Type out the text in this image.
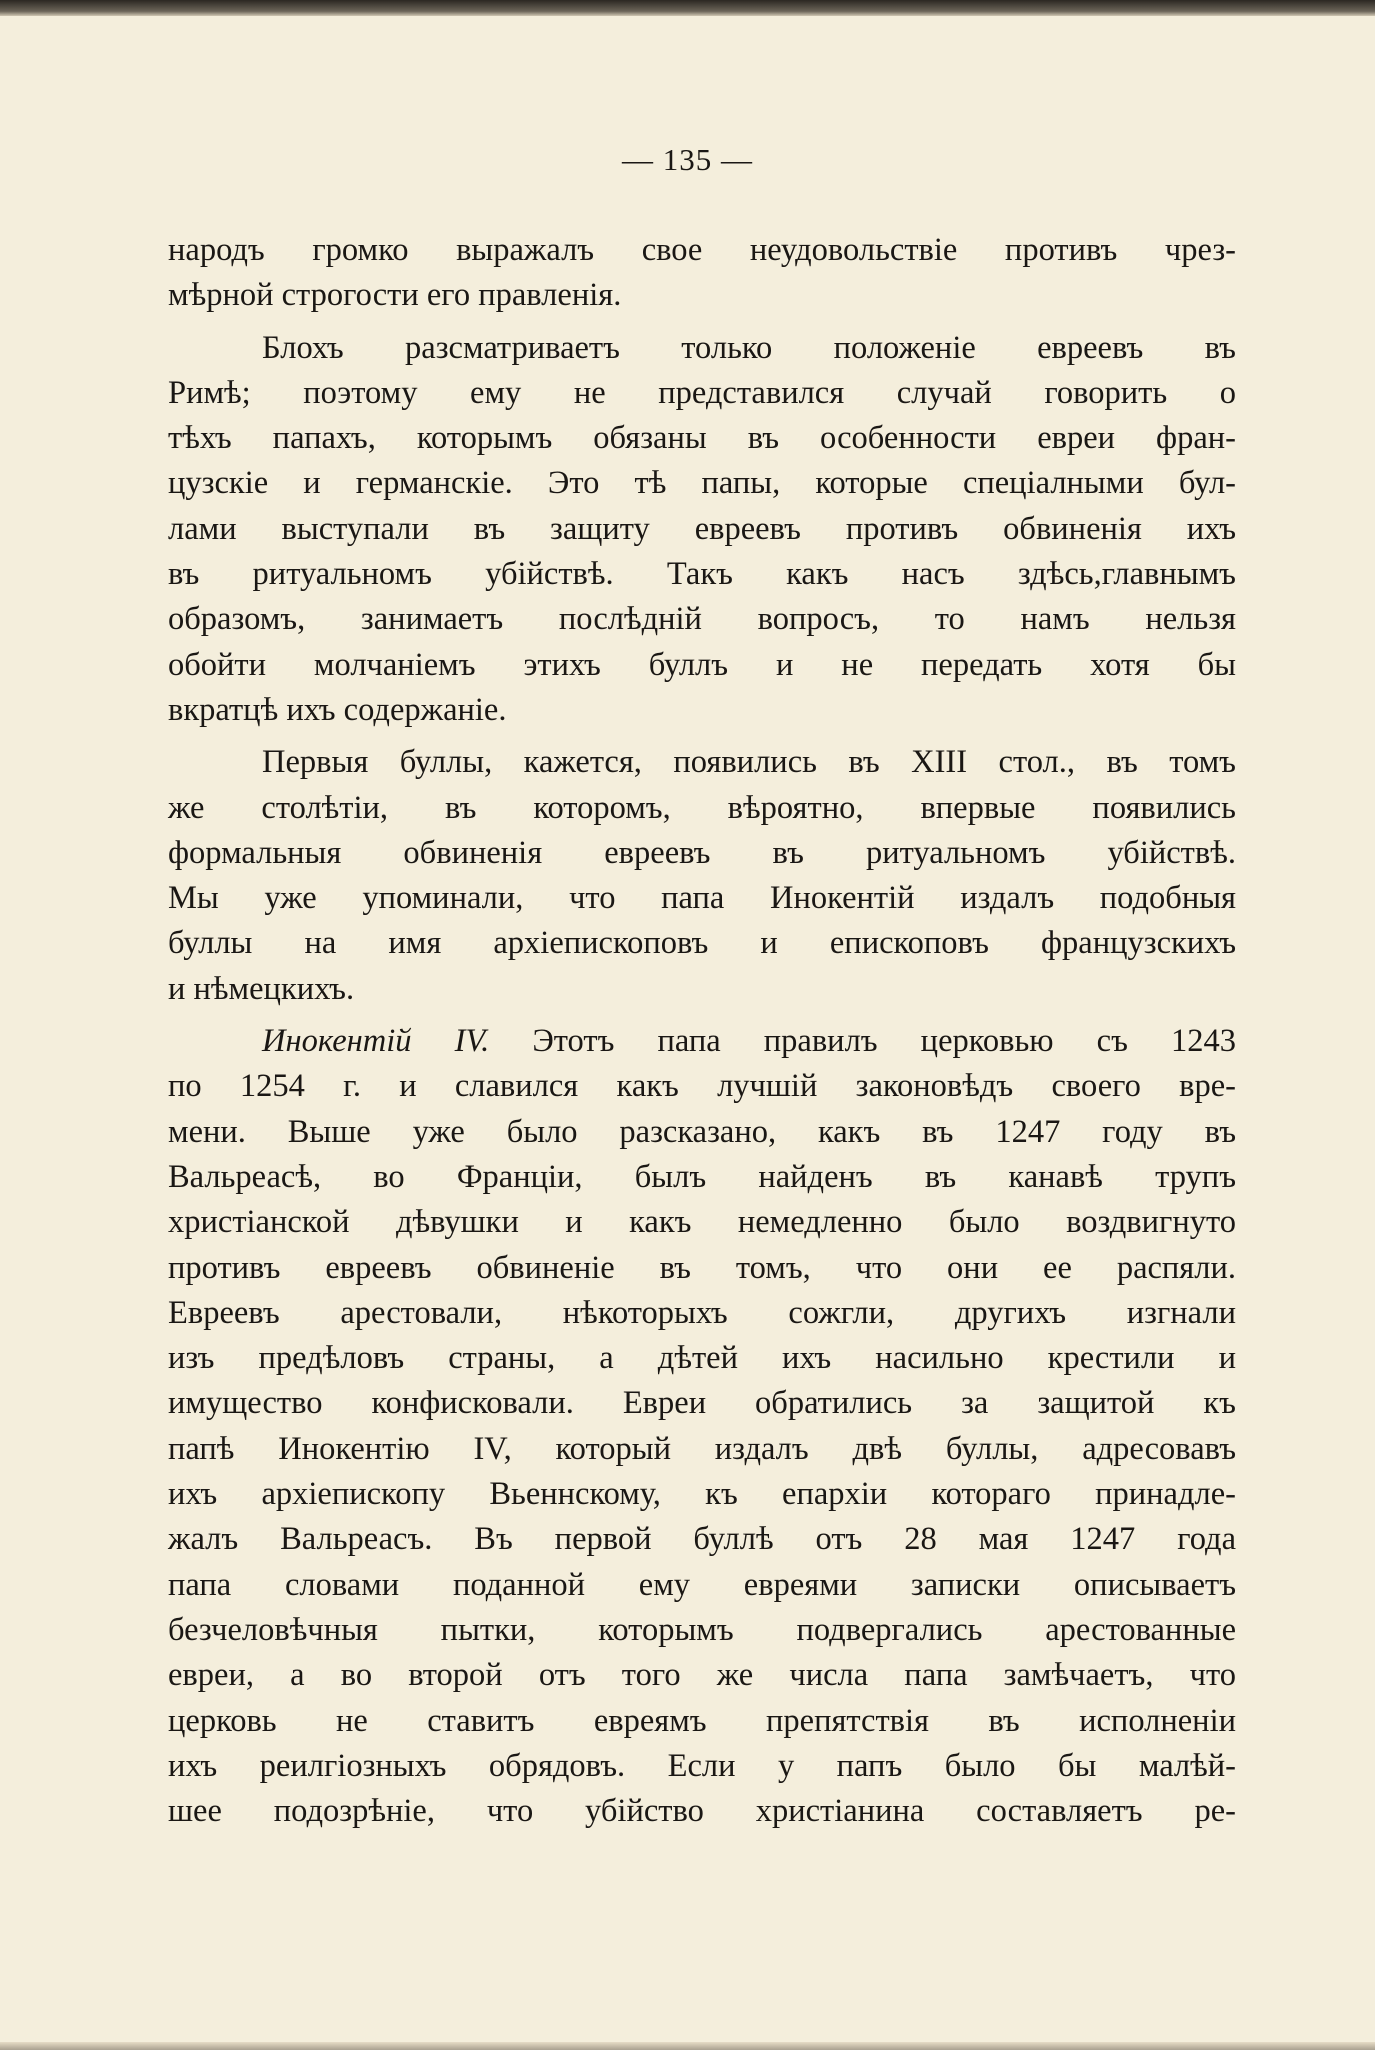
— 135 —
народъ громко выражалъ свое неудовольствіе противъ чрез-
мѣрной строгости его правленія.
Блохъ разсматриваетъ только положеніе евреевъ въ
Римѣ; поэтому ему не представился случай говорить о
тѣхъ папахъ, которымъ обязаны въ особенности евреи фран-
цузскіе и германскіе. Это тѣ папы, которые спеціалными бул-
лами выступали въ защиту евреевъ противъ обвиненія ихъ
въ ритуальномъ убійствѣ. Такъ какъ насъ здѣсь,главнымъ
образомъ, занимаетъ послѣдній вопросъ, то намъ нельзя
обойти молчаніемъ этихъ буллъ и не передать хотя бы
вкратцѣ ихъ содержаніе.
Первыя буллы, кажется, появились въ XIII стол., въ томъ
же столѣтіи, въ которомъ, вѣроятно, впервые появились
формальныя обвиненія евреевъ въ ритуальномъ убійствѣ.
Мы уже упоминали, что папа Инокентій издалъ подобныя
буллы на имя архіепископовъ и епископовъ французскихъ
и нѣмецкихъ.
Инокентій IV. Этотъ папа правилъ церковью съ 1243
по 1254 г. и славился какъ лучшій законовѣдъ своего вре-
мени. Выше уже было разсказано, какъ въ 1247 году въ
Вальреасѣ, во Франціи, былъ найденъ въ канавѣ трупъ
христіанской дѣвушки и какъ немедленно было воздвигнуто
противъ евреевъ обвиненіе въ томъ, что они ее распяли.
Евреевъ арестовали, нѣкоторыхъ сожгли, другихъ изгнали
изъ предѣловъ страны, а дѣтей ихъ насильно крестили и
имущество конфисковали. Евреи обратились за защитой къ
папѣ Инокентію IV, который издалъ двѣ буллы, адресовавъ
ихъ архіепископу Вьеннскому, къ епархіи котораго принадле-
жалъ Вальреасъ. Въ первой буллѣ отъ 28 мая 1247 года
папа словами поданной ему евреями записки описываетъ
безчеловѣчныя пытки, которымъ подвергались арестованные
евреи, а во второй отъ того же числа папа замѣчаетъ, что
церковь не ставитъ евреямъ препятствія въ исполненіи
ихъ реилгіозныхъ обрядовъ. Если у папъ было бы малѣй-
шее подозрѣніе, что убійство христіанина составляетъ ре-
